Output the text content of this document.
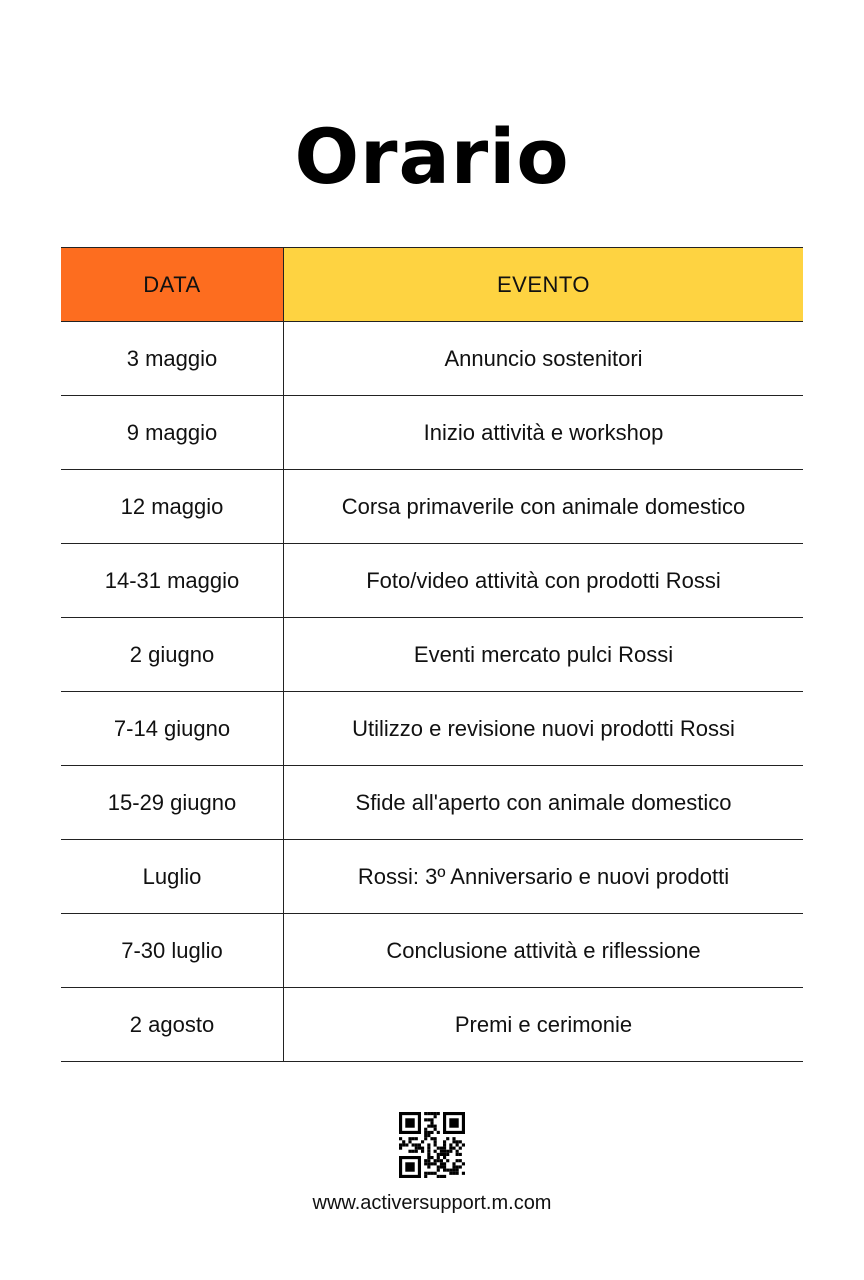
Orario
DATA	EVENTO
3 maggio	Annuncio sostenitori
9 maggio	Inizio attività e workshop
12 maggio	Corsa primaverile con animale domestico
14-31 maggio	Foto/video attività con prodotti Rossi
2 giugno	Eventi mercato pulci Rossi
7-14 giugno	Utilizzo e revisione nuovi prodotti Rossi
15-29 giugno	Sfide all'aperto con animale domestico
Luglio	Rossi: 3º Anniversario e nuovi prodotti
7-30 luglio	Conclusione attività e riflessione
2 agosto	Premi e cerimonie
www.activersupport.m.com
